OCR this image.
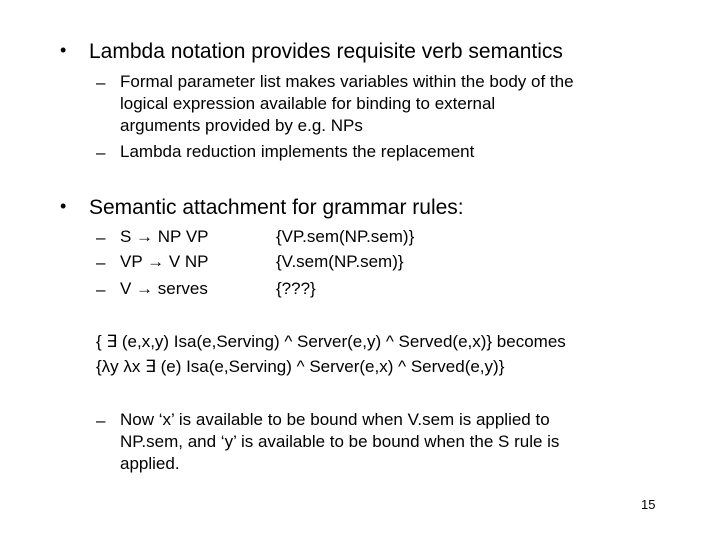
• Lambda notation provides requisite verb semantics
– Formal parameter list makes variables within the body of the
logical expression available for binding to external
arguments provided by e.g. NPs
– Lambda reduction implements the replacement
• Semantic attachment for grammar rules:
– S → NP VP	{VP.sem(NP.sem)}
– VP → V NP	{V.sem(NP.sem)}
– V → serves	{???}
{ ∃ (e,x,y) Isa(e,Serving) ^ Server(e,y) ^ Served(e,x)} becomes
{λy λx ∃ (e) Isa(e,Serving) ^ Server(e,x) ^ Served(e,y)}
– Now ‘x’ is available to be bound when V.sem is applied to
NP.sem, and ‘y’ is available to be bound when the S rule is
applied.
15
